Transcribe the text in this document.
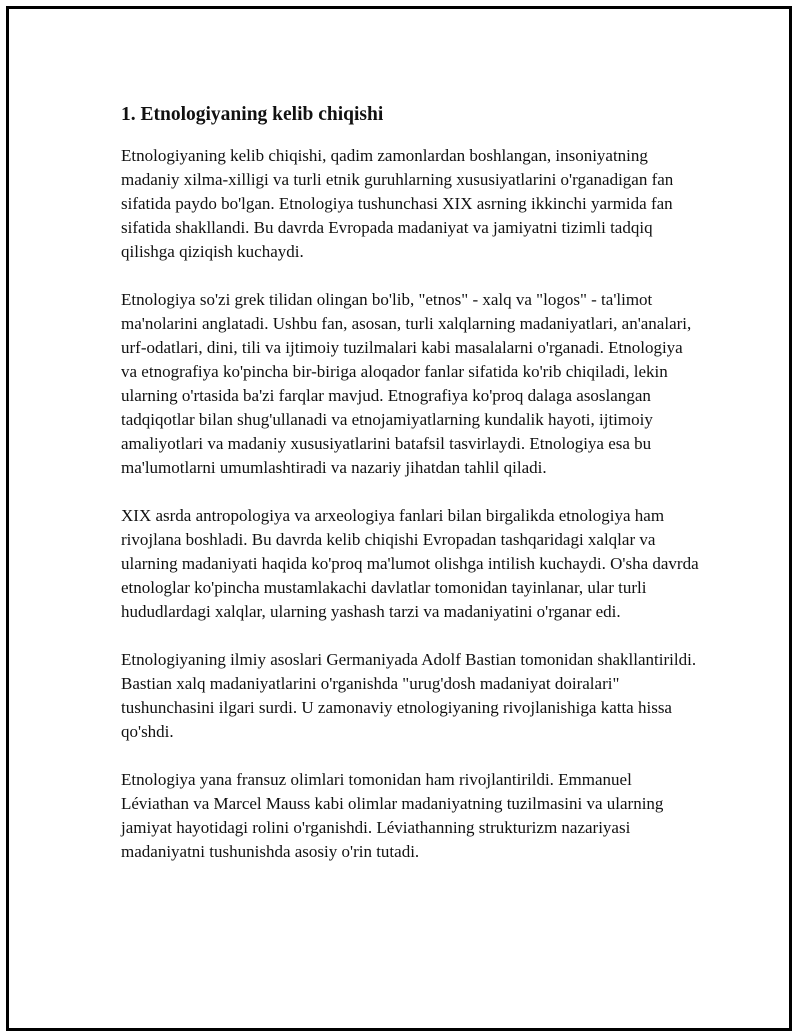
1. Etnologiyaning kelib chiqishi

Etnologiyaning kelib chiqishi, qadim zamonlardan boshlangan, insoniyatning madaniy xilma-xilligi va turli etnik guruhlarning xususiyatlarini o'rganadigan fan sifatida paydo bo'lgan. Etnologiya tushunchasi XIX asrning ikkinchi yarmida fan sifatida shakllandi. Bu davrda Evropada madaniyat va jamiyatni tizimli tadqiq qilishga qiziqish kuchaydi.

Etnologiya so'zi grek tilidan olingan bo'lib, "etnos" - xalq va "logos" - ta'limot ma'nolarini anglatadi. Ushbu fan, asosan, turli xalqlarning madaniyatlari, an'analari, urf-odatlari, dini, tili va ijtimoiy tuzilmalari kabi masalalarni o'rganadi. Etnologiya va etnografiya ko'pincha bir-biriga aloqador fanlar sifatida ko'rib chiqiladi, lekin ularning o'rtasida ba'zi farqlar mavjud. Etnografiya ko'proq dalaga asoslangan tadqiqotlar bilan shug'ullanadi va etnojamiyatlarning kundalik hayoti, ijtimoiy amaliyotlari va madaniy xususiyatlarini batafsil tasvirlaydi. Etnologiya esa bu ma'lumotlarni umumlashtiradi va nazariy jihatdan tahlil qiladi.

XIX asrda antropologiya va arxeologiya fanlari bilan birgalikda etnologiya ham rivojlana boshladi. Bu davrda kelib chiqishi Evropadan tashqaridagi xalqlar va ularning madaniyati haqida ko'proq ma'lumot olishga intilish kuchaydi. O'sha davrda etnologlar ko'pincha mustamlakachi davlatlar tomonidan tayinlanar, ular turli hududlardagi xalqlar, ularning yashash tarzi va madaniyatini o'rganar edi.

Etnologiyaning ilmiy asoslari Germaniyada Adolf Bastian tomonidan shakllantirildi. Bastian xalq madaniyatlarini o'rganishda "urug'dosh madaniyat doiralari" tushunchasini ilgari surdi. U zamonaviy etnologiyaning rivojlanishiga katta hissa qo'shdi.

Etnologiya yana fransuz olimlari tomonidan ham rivojlantirildi. Emmanuel Léviathan va Marcel Mauss kabi olimlar madaniyatning tuzilmasini va ularning jamiyat hayotidagi rolini o'rganishdi. Léviathanning strukturizm nazariyasi madaniyatni tushunishda asosiy o'rin tutadi.
